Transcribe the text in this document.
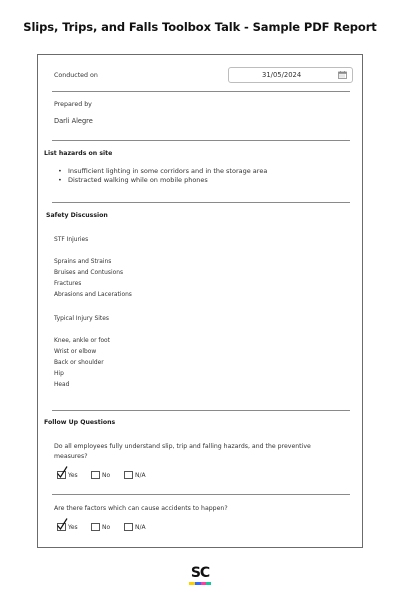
Slips, Trips, and Falls Toolbox Talk - Sample PDF Report
Conducted on	31/05/2024
Prepared by
Darli Alegre
List hazards on site
• Insufficient lighting in some corridors and in the storage area
• Distracted walking while on mobile phones
Safety Discussion
STF Injuries
Sprains and Strains
Bruises and Contusions
Fractures
Abrasions and Lacerations
Typical Injury Sites
Knee, ankle or foot
Wrist or elbow
Back or shoulder
Hip
Head
Follow Up Questions
Do all employees fully understand slip, trip and falling hazards, and the preventive measures?
Yes	No	N/A
Are there factors which can cause accidents to happen?
Yes	No	N/A
SC
